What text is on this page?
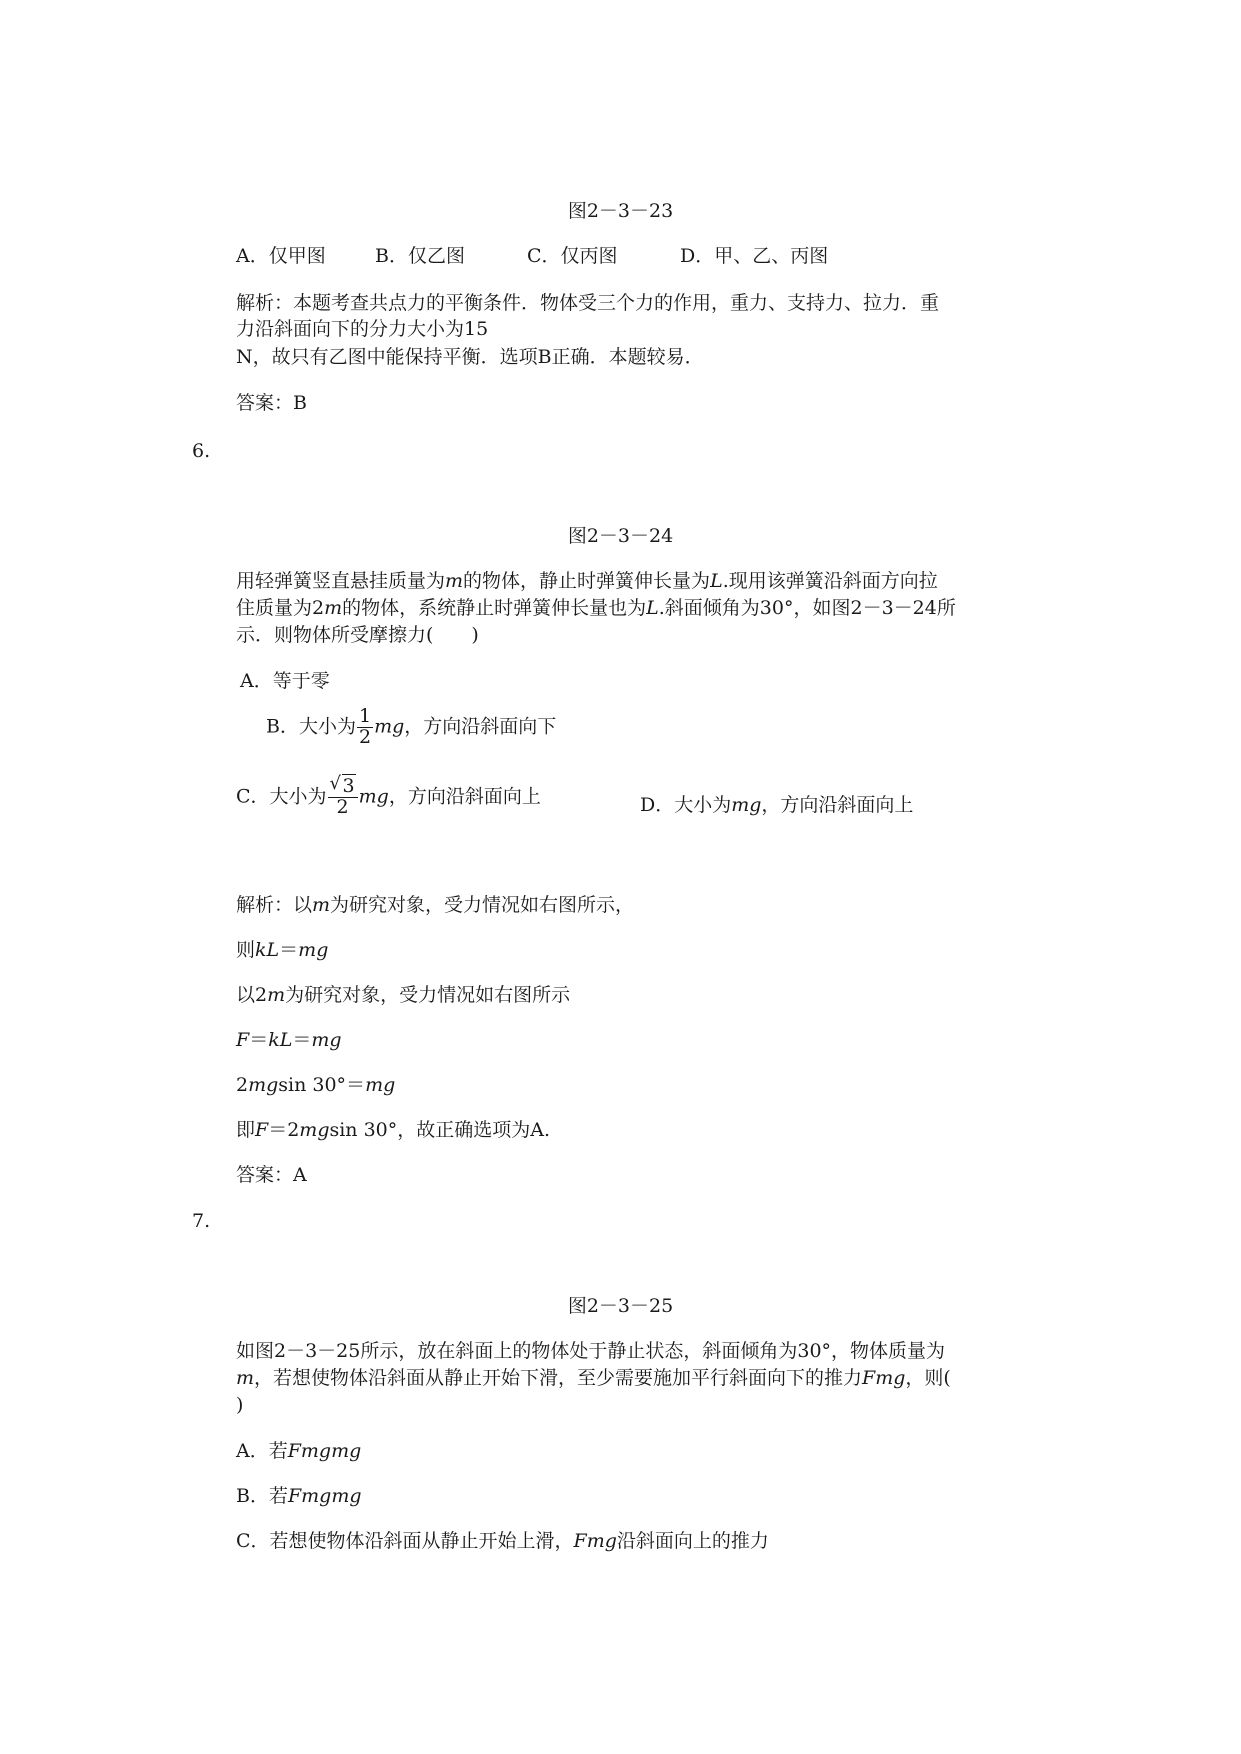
图2－3－23
A．仅甲图	B．仅乙图	C．仅丙图	D．甲、乙、丙图
解析：本题考查共点力的平衡条件．物体受三个力的作用，重力、支持力、拉力．重
力沿斜面向下的分力大小为15
N，故只有乙图中能保持平衡．选项B正确．本题较易．
答案：B
6.
图2－3－24
用轻弹簧竖直悬挂质量为m的物体，静止时弹簧伸长量为L.现用该弹簧沿斜面方向拉
住质量为2m的物体，系统静止时弹簧伸长量也为L.斜面倾角为30°，如图2－3－24所
示．则物体所受摩擦力(　　)
A．等于零
B．大小为 $\frac{1}{2}$ mg，方向沿斜面向下
C．大小为 $\frac{√ 3}{2}$ mg，方向沿斜面向上	D．大小为mg，方向沿斜面向上
解析：以m为研究对象，受力情况如右图所示，
则kL＝mg
以2m为研究对象，受力情况如右图所示
F＝kL＝mg
2mgsin 30°＝mg
即F＝2mgsin 30°，故正确选项为A.
答案：A
7.
图2－3－25
如图2－3－25所示，放在斜面上的物体处于静止状态，斜面倾角为30°，物体质量为
m，若想使物体沿斜面从静止开始下滑，至少需要施加平行斜面向下的推力Fmg，则(
)
A．若Fmgmg
B．若Fmgmg
C．若想使物体沿斜面从静止开始上滑，Fmg沿斜面向上的推力
